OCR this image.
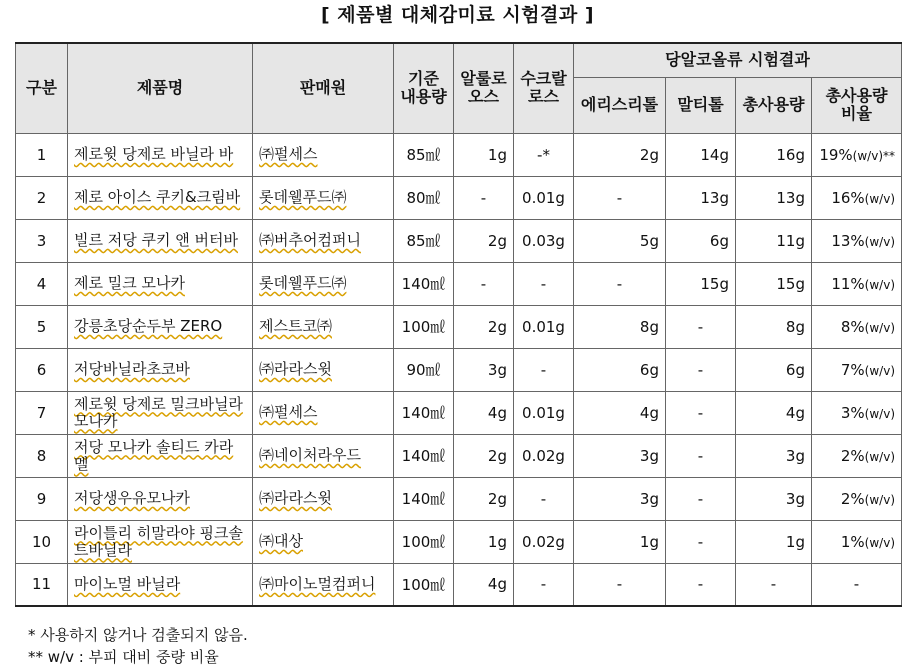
[ 제품별 대체감미료 시험결과 ]
구분	제품명	판매원	기준 내용량	알룰로 오스	수크랄 로스	당알코올류 시험결과			
						에리스리톨	말티톨	총사용량	총사용량 비율
1	제로윗 당제로 바닐라 바	㈜펄세스	85㎖	1g	-*	2g	14g	16g	19%(w/v)**
2	제로 아이스 쿠키&크림바	롯데웰푸드㈜	80㎖	-	0.01g	-	13g	13g	16%(w/v)
3	빌르 저당 쿠키 앤 버터바	㈜버추어컴퍼니	85㎖	2g	0.03g	5g	6g	11g	13%(w/v)
4	제로 밀크 모나카	롯데웰푸드㈜	140㎖	-	-	-	15g	15g	11%(w/v)
5	강릉초당순두부 ZERO	제스트코㈜	100㎖	2g	0.01g	8g	-	8g	8%(w/v)
6	저당바닐라초코바	㈜라라스윗	90㎖	3g	-	6g	-	6g	7%(w/v)
7	제로윗 당제로 밀크바닐라 모나카	㈜펄세스	140㎖	4g	0.01g	4g	-	4g	3%(w/v)
8	저당 모나카 솔티드 카라멜	㈜네이처라우드	140㎖	2g	0.02g	3g	-	3g	2%(w/v)
9	저당생우유모나카	㈜라라스윗	140㎖	2g	-	3g	-	3g	2%(w/v)
10	라이틀리 히말라야 핑크솔트바닐라	㈜대상	100㎖	1g	0.02g	1g	-	1g	1%(w/v)
11	마이노멀 바닐라	㈜마이노멀컴퍼니	100㎖	4g	-	-	-	-	-
* 사용하지 않거나 검출되지 않음.
** w/v : 부피 대비 중량 비율
